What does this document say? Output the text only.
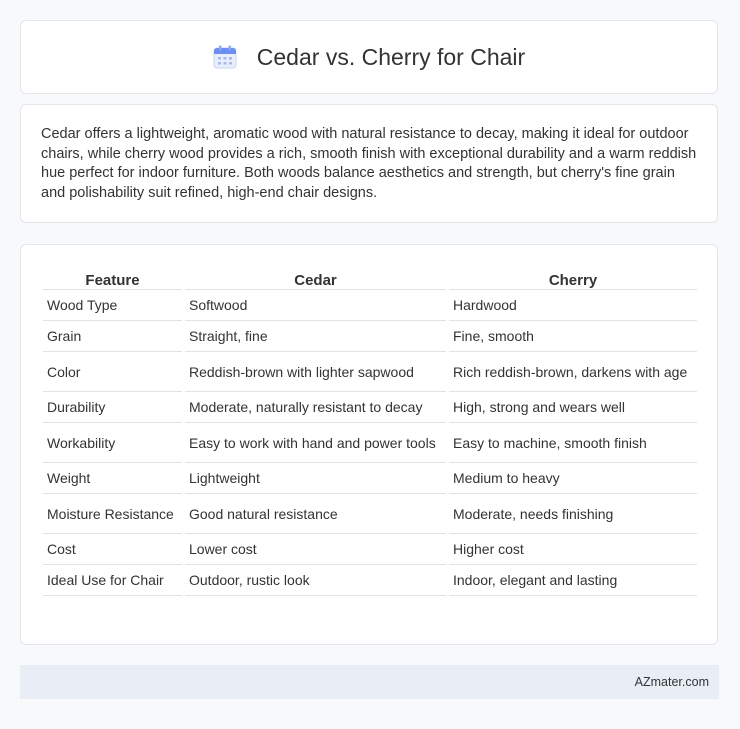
Cedar vs. Cherry for Chair

Cedar offers a lightweight, aromatic wood with natural resistance to decay, making it ideal for outdoor chairs, while cherry wood provides a rich, smooth finish with exceptional durability and a warm reddish hue perfect for indoor furniture. Both woods balance aesthetics and strength, but cherry's fine grain and polishability suit refined, high-end chair designs.

Feature	Cedar	Cherry
Wood Type	Softwood	Hardwood
Grain	Straight, fine	Fine, smooth
Color	Reddish-brown with lighter sapwood	Rich reddish-brown, darkens with age
Durability	Moderate, naturally resistant to decay	High, strong and wears well
Workability	Easy to work with hand and power tools	Easy to machine, smooth finish
Weight	Lightweight	Medium to heavy
Moisture Resistance	Good natural resistance	Moderate, needs finishing
Cost	Lower cost	Higher cost
Ideal Use for Chair	Outdoor, rustic look	Indoor, elegant and lasting
AZmater.com
